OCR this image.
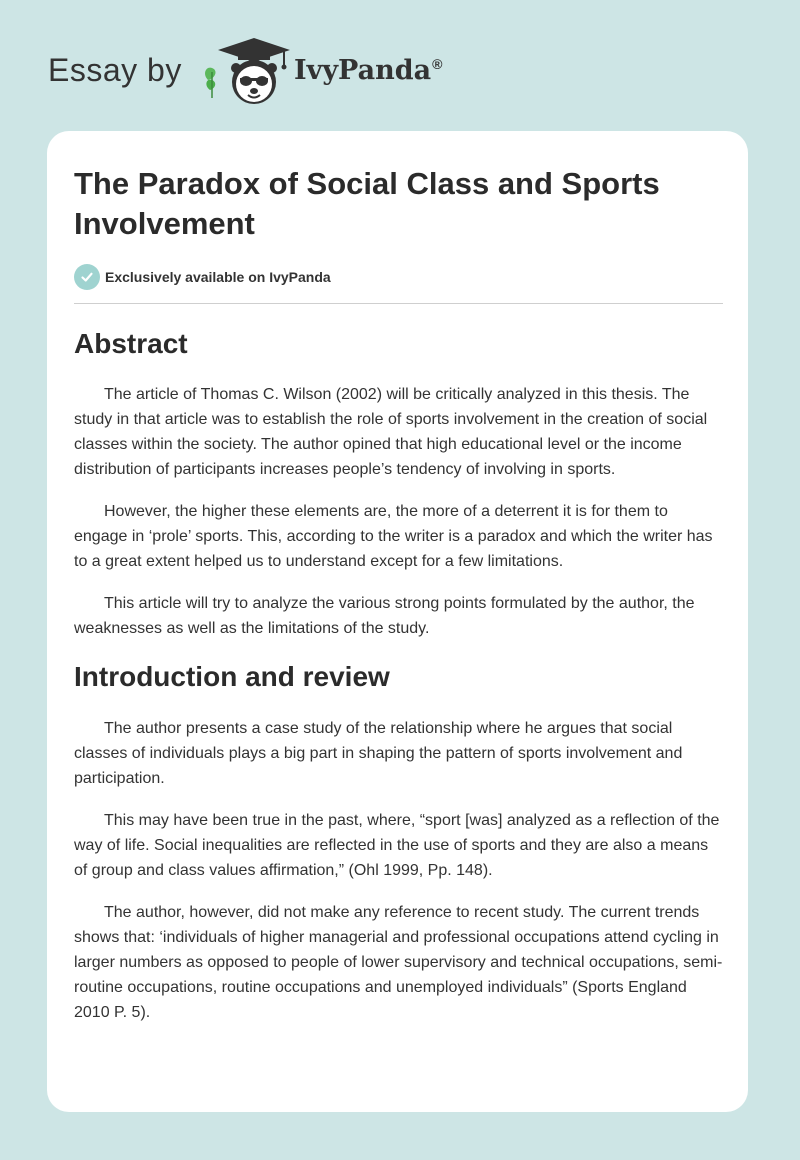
Essay by	IvyPanda®
The Paradox of Social Class and Sports Involvement
Exclusively available on IvyPanda
Abstract

The article of Thomas C. Wilson (2002) will be critically analyzed in this thesis. The study in that article was to establish the role of sports involvement in the creation of social classes within the society. The author opined that high educational level or the income distribution of participants increases people’s tendency of involving in sports.

However, the higher these elements are, the more of a deterrent it is for them to engage in ‘prole’ sports. This, according to the writer is a paradox and which the writer has to a great extent helped us to understand except for a few limitations.

This article will try to analyze the various strong points formulated by the author, the weaknesses as well as the limitations of the study.

Introduction and review

The author presents a case study of the relationship where he argues that social classes of individuals plays a big part in shaping the pattern of sports involvement and participation.

This may have been true in the past, where, “sport [was] analyzed as a reflection of the way of life. Social inequalities are reflected in the use of sports and they are also a means of group and class values affirmation,” (Ohl 1999, Pp. 148).

The author, however, did not make any reference to recent study. The current trends shows that: ‘individuals of higher managerial and professional occupations attend cycling in larger numbers as opposed to people of lower supervisory and technical occupations, semi-routine occupations, routine occupations and unemployed individuals” (Sports England 2010 P. 5).
